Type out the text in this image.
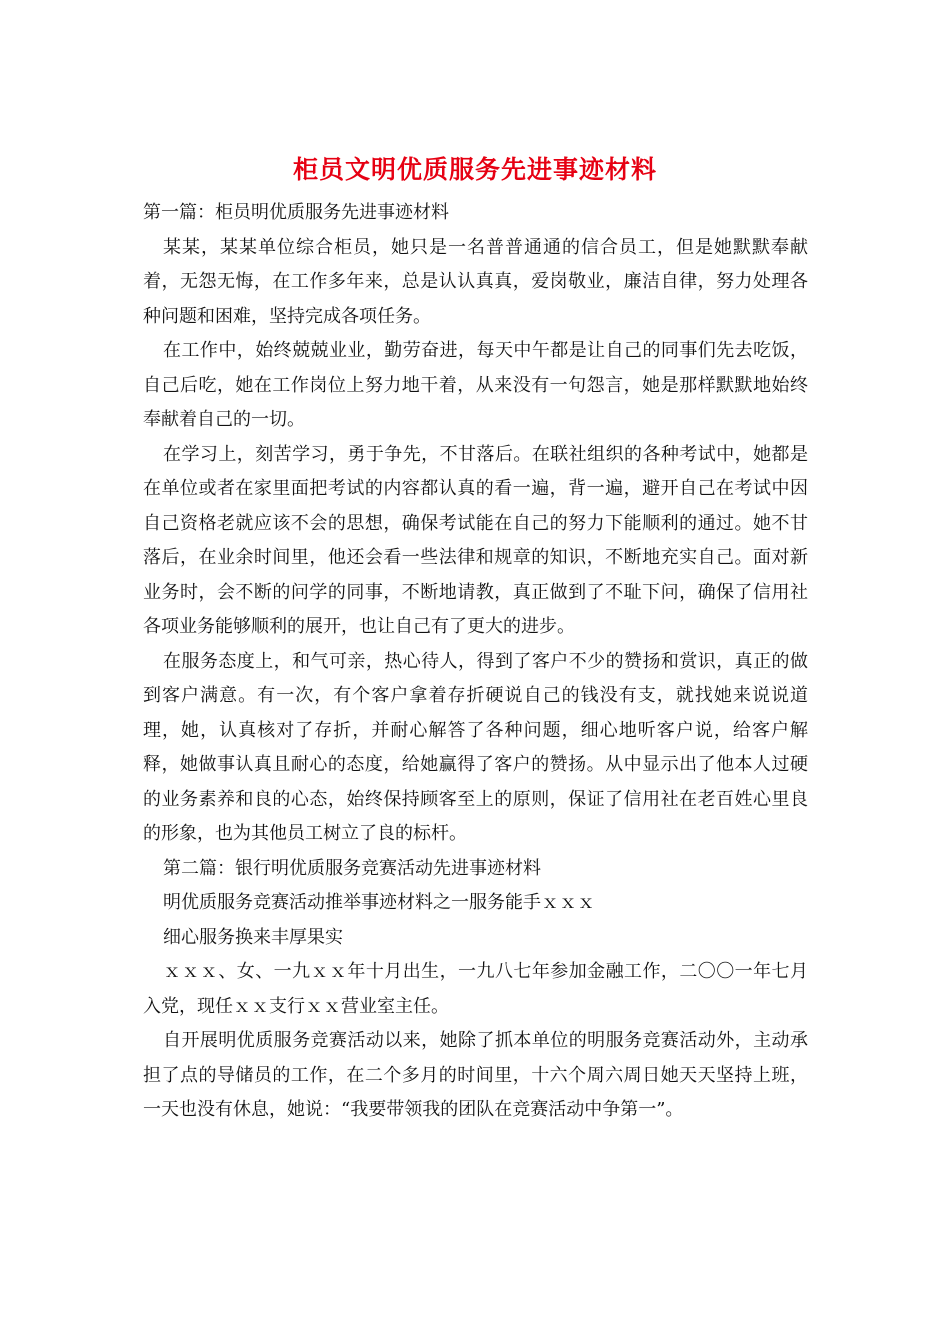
柜员文明优质服务先进事迹材料

第一篇：柜员明优质服务先进事迹材料

某某，某某单位综合柜员，她只是一名普普通通的信合员工，但是她默默奉献着，无怨无悔，在工作多年来，总是认认真真，爱岗敬业，廉洁自律，努力处理各种问题和困难，坚持完成各项任务。

在工作中，始终兢兢业业，勤劳奋进，每天中午都是让自己的同事们先去吃饭，自己后吃，她在工作岗位上努力地干着，从来没有一句怨言，她是那样默默地始终奉献着自己的一切。

在学习上，刻苦学习，勇于争先，不甘落后。在联社组织的各种考试中，她都是在单位或者在家里面把考试的内容都认真的看一遍，背一遍，避开自己在考试中因自己资格老就应该不会的思想，确保考试能在自己的努力下能顺利的通过。她不甘落后，在业余时间里，他还会看一些法律和规章的知识，不断地充实自己。面对新业务时，会不断的问学的同事，不断地请教，真正做到了不耻下问，确保了信用社各项业务能够顺利的展开，也让自己有了更大的进步。

在服务态度上，和气可亲，热心待人，得到了客户不少的赞扬和赏识，真正的做到客户满意。有一次，有个客户拿着存折硬说自己的钱没有支，就找她来说说道理，她，认真核对了存折，并耐心解答了各种问题，细心地听客户说，给客户解释，她做事认真且耐心的态度，给她赢得了客户的赞扬。从中显示出了他本人过硬的业务素养和良的心态，始终保持顾客至上的原则，保证了信用社在老百姓心里良的形象，也为其他员工树立了良的标杆。

第二篇：银行明优质服务竞赛活动先进事迹材料

明优质服务竞赛活动推举事迹材料之一服务能手ｘｘｘ

细心服务换来丰厚果实

ｘｘｘ、女、一九ｘｘ年十月出生，一九八七年参加金融工作，二〇〇一年七月入党，现任ｘｘ支行ｘｘ营业室主任。

自开展明优质服务竞赛活动以来，她除了抓本单位的明服务竞赛活动外，主动承担了点的导储员的工作，在二个多月的时间里，十六个周六周日她天天坚持上班，一天也没有休息，她说：“我要带领我的团队在竞赛活动中争第一”。
